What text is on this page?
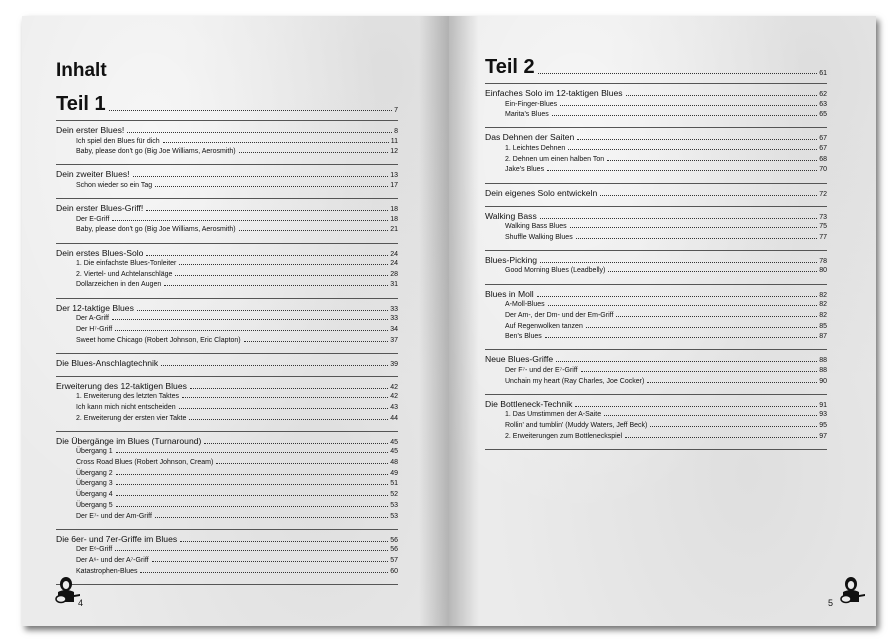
Inhalt
Teil 1	7
Dein erster Blues!	8
Ich spiel den Blues für dich	11
Baby, please don't go (Big Joe Williams, Aerosmith)	12
Dein zweiter Blues!	13
Schon wieder so ein Tag	17
Dein erster Blues-Griff!	18
Der E-Griff	18
Baby, please don't go (Big Joe Williams, Aerosmith)	21
Dein erstes Blues-Solo	24
1. Die einfachste Blues-Tonleiter	24
2. Viertel- und Achtelanschläge	28
Dollarzeichen in den Augen	31
Der 12-taktige Blues	33
Der A-Griff	33
Der H⁷-Griff	34
Sweet home Chicago (Robert Johnson, Eric Clapton)	37
Die Blues-Anschlagtechnik	39
Erweiterung des 12-taktigen Blues	42
1. Erweiterung des letzten Taktes	42
Ich kann mich nicht entscheiden	43
2. Erweiterung der ersten vier Takte	44
Die Übergänge im Blues (Turnaround)	45
Übergang 1	45
Cross Road Blues (Robert Johnson, Cream)	48
Übergang 2	49
Übergang 3	51
Übergang 4	52
Übergang 5	53
Der E⁷- und der Am-Griff	53
Die 6er- und 7er-Griffe im Blues	56
Der E⁶-Griff	56
Der A⁶- und der A⁷-Griff	57
Katastrophen-Blues	60
4
Teil 2	61
Einfaches Solo im 12-taktigen Blues	62
Ein-Finger-Blues	63
Marita's Blues	65
Das Dehnen der Saiten	67
1. Leichtes Dehnen	67
2. Dehnen um einen halben Ton	68
Jake's Blues	70
Dein eigenes Solo entwickeln	72
Walking Bass	73
Walking Bass Blues	75
Shuffle Walking Blues	77
Blues-Picking	78
Good Morning Blues (Leadbelly)	80
Blues in Moll	82
A-Moll-Blues	82
Der Am-, der Dm- und der Em-Griff	82
Auf Regenwolken tanzen	85
Ben's Blues	87
Neue Blues-Griffe	88
Der F⁷- und der E⁷-Griff	88
Unchain my heart (Ray Charles, Joe Cocker)	90
Die Bottleneck-Technik	91
1. Das Umstimmen der A-Saite	93
Rollin' and tumblin' (Muddy Waters, Jeff Beck)	95
2. Erweiterungen zum Bottleneckspiel	97
5
